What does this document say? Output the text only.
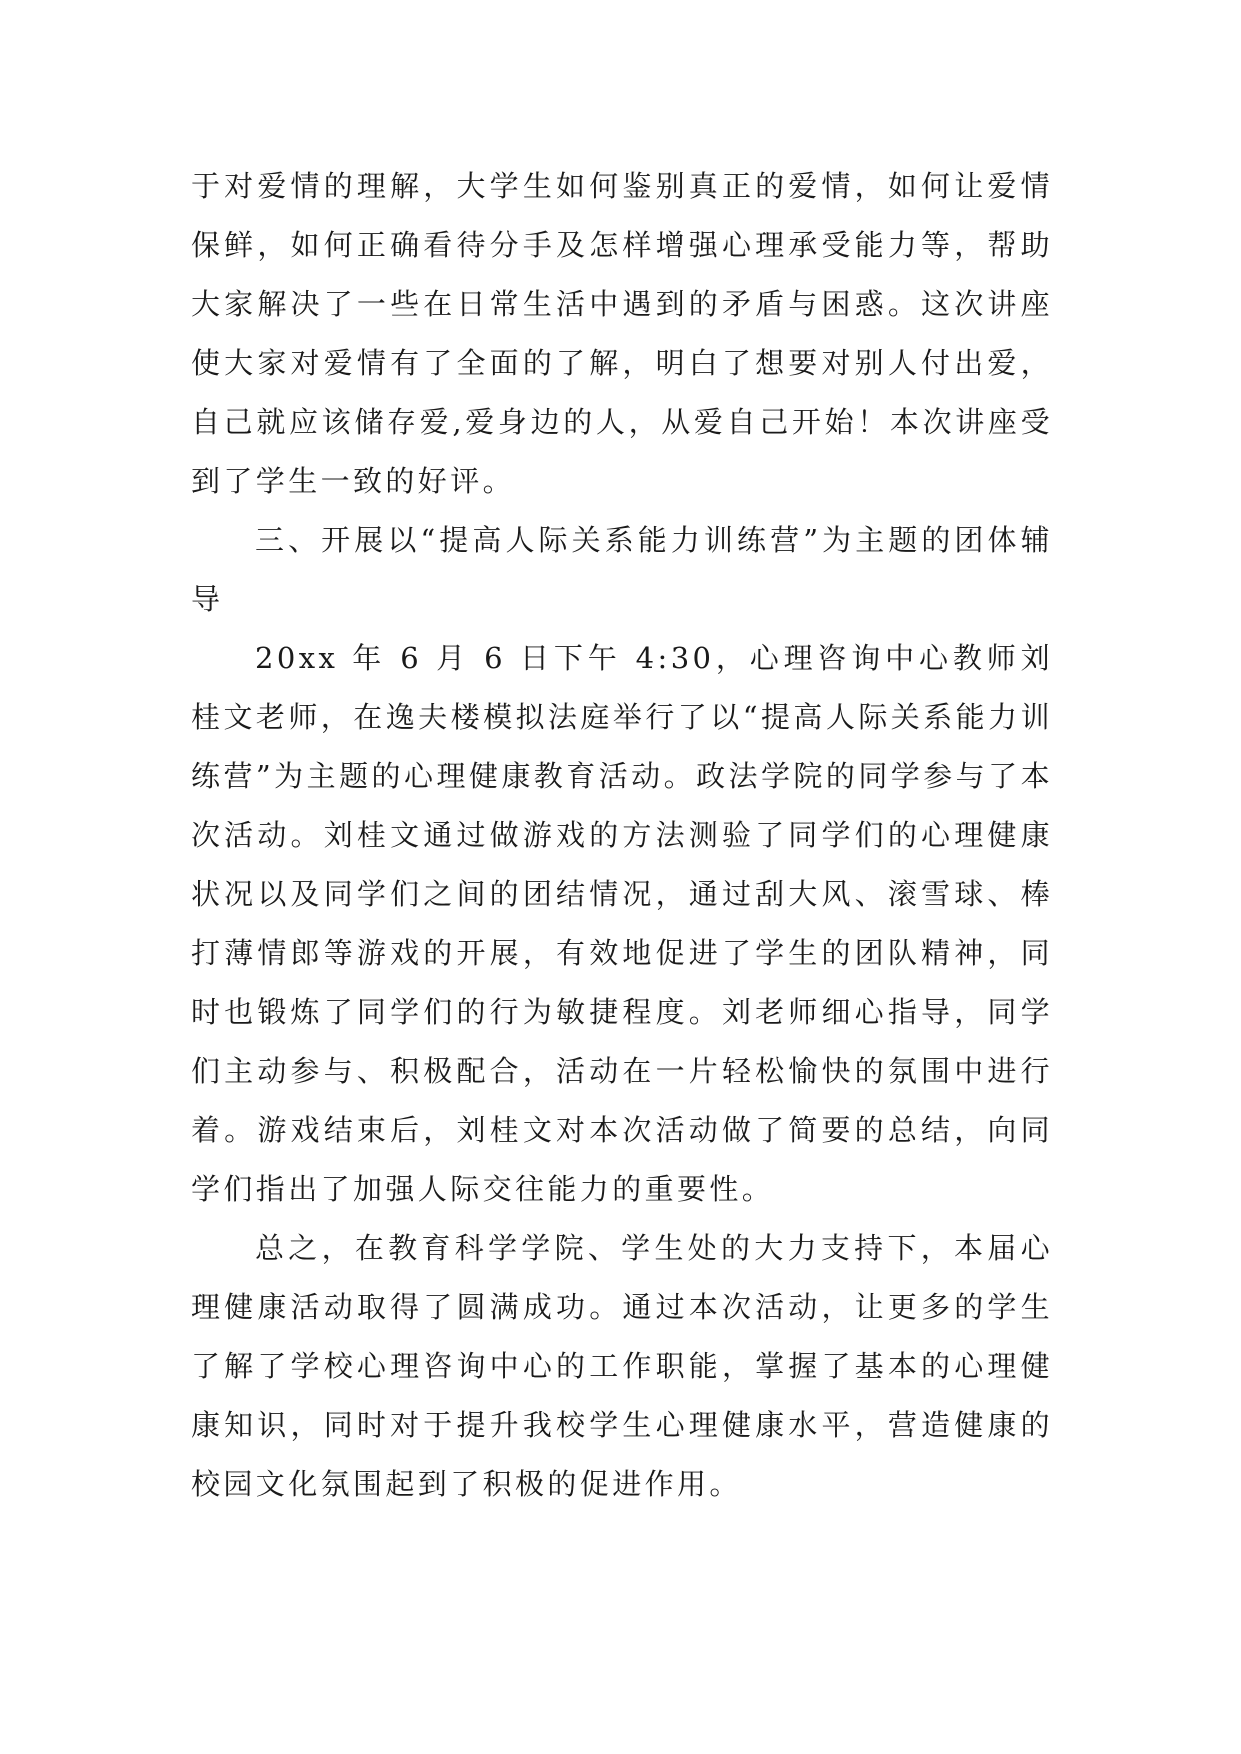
于对爱情的理解，大学生如何鉴别真正的爱情，如何让爱情保鲜，如何正确看待分手及怎样增强心理承受能力等，帮助大家解决了一些在日常生活中遇到的矛盾与困惑。这次讲座使大家对爱情有了全面的了解，明白了想要对别人付出爱，自己就应该储存爱,爱身边的人，从爱自己开始！本次讲座受到了学生一致的好评。

三、开展以“提高人际关系能力训练营”为主题的团体辅导

20xx 年 6 月 6 日下午 4:30，心理咨询中心教师刘桂文老师，在逸夫楼模拟法庭举行了以“提高人际关系能力训练营”为主题的心理健康教育活动。政法学院的同学参与了本次活动。刘桂文通过做游戏的方法测验了同学们的心理健康状况以及同学们之间的团结情况，通过刮大风、滚雪球、棒打薄情郎等游戏的开展，有效地促进了学生的团队精神，同时也锻炼了同学们的行为敏捷程度。刘老师细心指导，同学们主动参与、积极配合，活动在一片轻松愉快的氛围中进行着。游戏结束后，刘桂文对本次活动做了简要的总结，向同学们指出了加强人际交往能力的重要性。

总之，在教育科学学院、学生处的大力支持下，本届心理健康活动取得了圆满成功。通过本次活动，让更多的学生了解了学校心理咨询中心的工作职能，掌握了基本的心理健康知识，同时对于提升我校学生心理健康水平，营造健康的校园文化氛围起到了积极的促进作用。
